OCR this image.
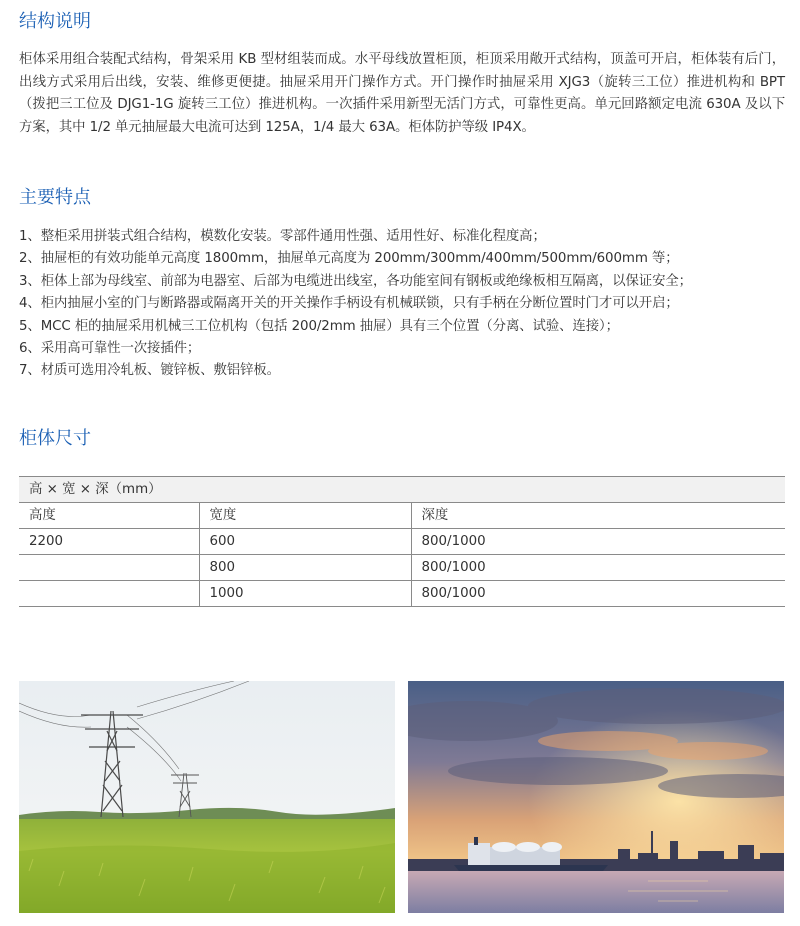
结构说明

柜体采用组合装配式结构，骨架采用 KB 型材组装而成。水平母线放置柜顶，柜顶采用敞开式结构，顶盖可开启，柜体装有后门，出线方式采用后出线，安装、维修更便捷。抽屉采用开门操作方式。开门操作时抽屉采用 XJG3（旋转三工位）推进机构和 BPT（拨把三工位及 DJG1-1G 旋转三工位）推进机构。一次插件采用新型无活门方式，可靠性更高。单元回路额定电流 630A 及以下方案，其中 1/2 单元抽屉最大电流可达到 125A，1/4 最大 63A。柜体防护等级 IP4X。

主要特点
1、整柜采用拼装式组合结构，模数化安装。零部件通用性强、适用性好、标准化程度高；
2、抽屉柜的有效功能单元高度 1800mm，抽屉单元高度为 200mm/300mm/400mm/500mm/600mm 等；
3、柜体上部为母线室、前部为电器室、后部为电缆进出线室，各功能室间有钢板或绝缘板相互隔离，以保证安全；
4、柜内抽屉小室的门与断路器或隔离开关的开关操作手柄设有机械联锁，只有手柄在分断位置时门才可以开启；
5、MCC 柜的抽屉采用机械三工位机构（包括 200/2mm 抽屉）具有三个位置（分离、试验、连接）；
6、采用高可靠性一次接插件；
7、材质可选用冷轧板、镀锌板、敷铝锌板。
柜体尺寸
高 × 宽 × 深（mm）		
高度	宽度	深度
2200	600	800/1000
	800	800/1000
	1000	800/1000
